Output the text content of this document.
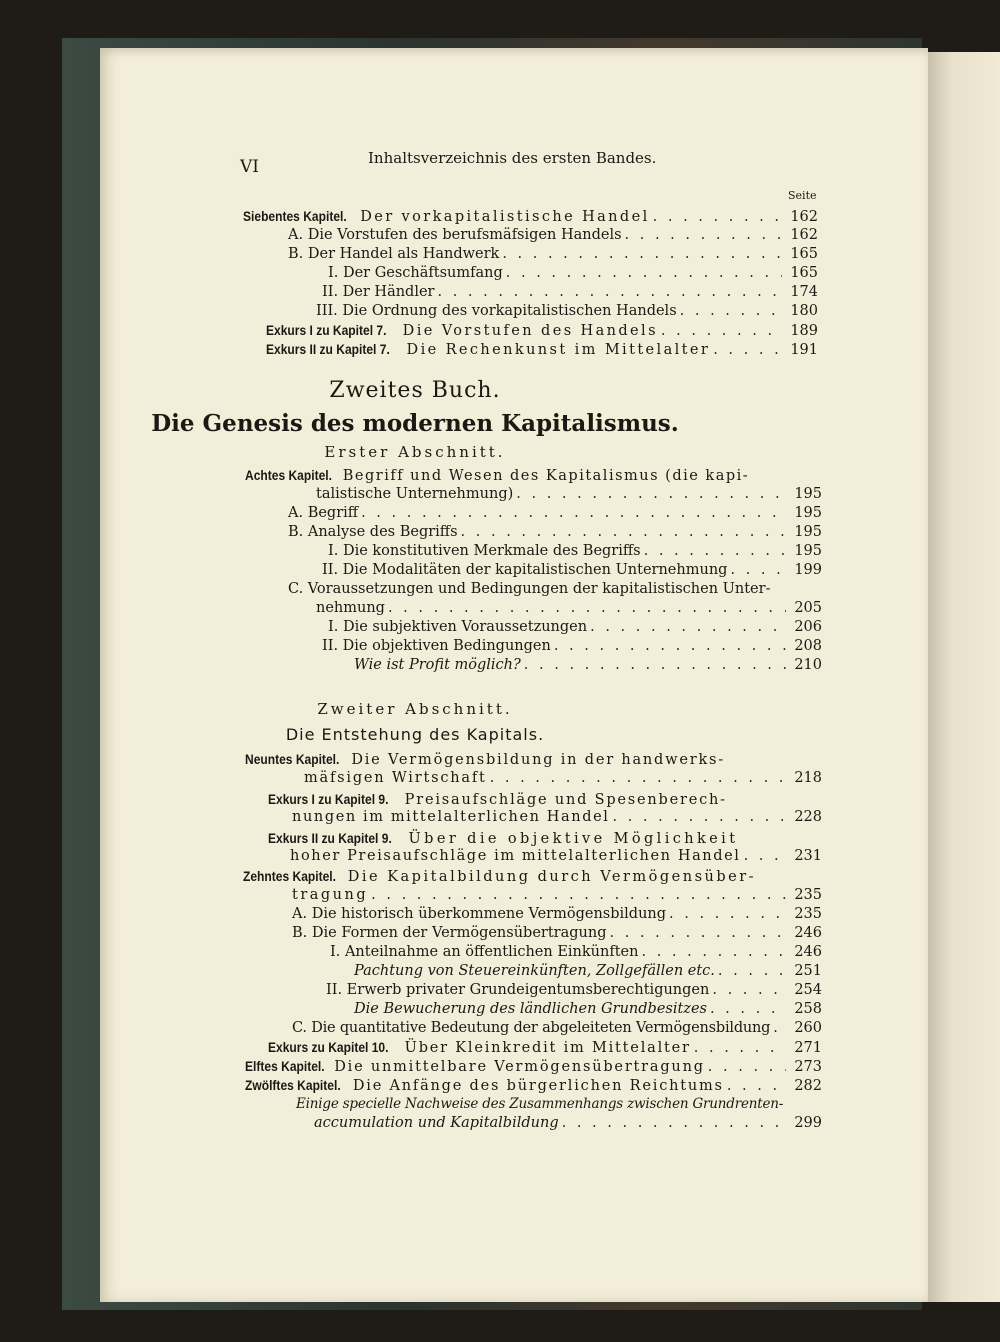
VI	Inhaltsverzeichnis des ersten Bandes.
Seite
Siebentes Kapitel. Der vorkapitalistische Handel . . .	162
A. Die Vorstufen des berufsmäfsigen Handels . . .	162
B. Der Handel als Handwerk . . .	165
I. Der Geschäftsumfang . . .	165
II. Der Händler . . .	174
III. Die Ordnung des vorkapitalistischen Handels . . .	180
Exkurs I zu Kapitel 7. Die Vorstufen des Handels . . .	189
Exkurs II zu Kapitel 7. Die Rechenkunst im Mittelalter . . .	191
Zweites Buch.
Die Genesis des modernen Kapitalismus.
Erster Abschnitt.
Achtes Kapitel. Begriff und Wesen des Kapitalismus (die kapi-
talistische Unternehmung) . . .	195
A. Begriff . . .	195
B. Analyse des Begriffs . . .	195
I. Die konstitutiven Merkmale des Begriffs . . .	195
II. Die Modalitäten der kapitalistischen Unternehmung . . .	199
C. Voraussetzungen und Bedingungen der kapitalistischen Unter-
nehmung . . .	205
I. Die subjektiven Voraussetzungen . . .	206
II. Die objektiven Bedingungen . . .	208
Wie ist Profit möglich? . . .	210
Zweiter Abschnitt.
Die Entstehung des Kapitals.
Neuntes Kapitel. Die Vermögensbildung in der handwerks-
mäfsigen Wirtschaft . . .	218
Exkurs I zu Kapitel 9. Preisaufschläge und Spesenberech-
nungen im mittelalterlichen Handel . . .	228
Exkurs II zu Kapitel 9. Über die objektive Möglichkeit
hoher Preisaufschläge im mittelalterlichen Handel . . .	231
Zehntes Kapitel. Die Kapitalbildung durch Vermögensüber-
tragung . . .	235
A. Die historisch überkommene Vermögensbildung . . .	235
B. Die Formen der Vermögensübertragung . . .	246
I. Anteilnahme an öffentlichen Einkünften . . .	246
Pachtung von Steuereinkünften, Zollgefällen etc. . . .	251
II. Erwerb privater Grundeigentumsberechtigungen . . .	254
Die Bewucherung des ländlichen Grundbesitzes . . .	258
C. Die quantitative Bedeutung der abgeleiteten Vermögensbildung . . . 260
Exkurs zu Kapitel 10. Über Kleinkredit im Mittelalter . . .	271
Elftes Kapitel. Die unmittelbare Vermögensübertragung . . .	273
Zwölftes Kapitel. Die Anfänge des bürgerlichen Reichtums . . .	282
Einige specielle Nachweise des Zusammenhangs zwischen Grundrenten-
accumulation und Kapitalbildung . . .	299
